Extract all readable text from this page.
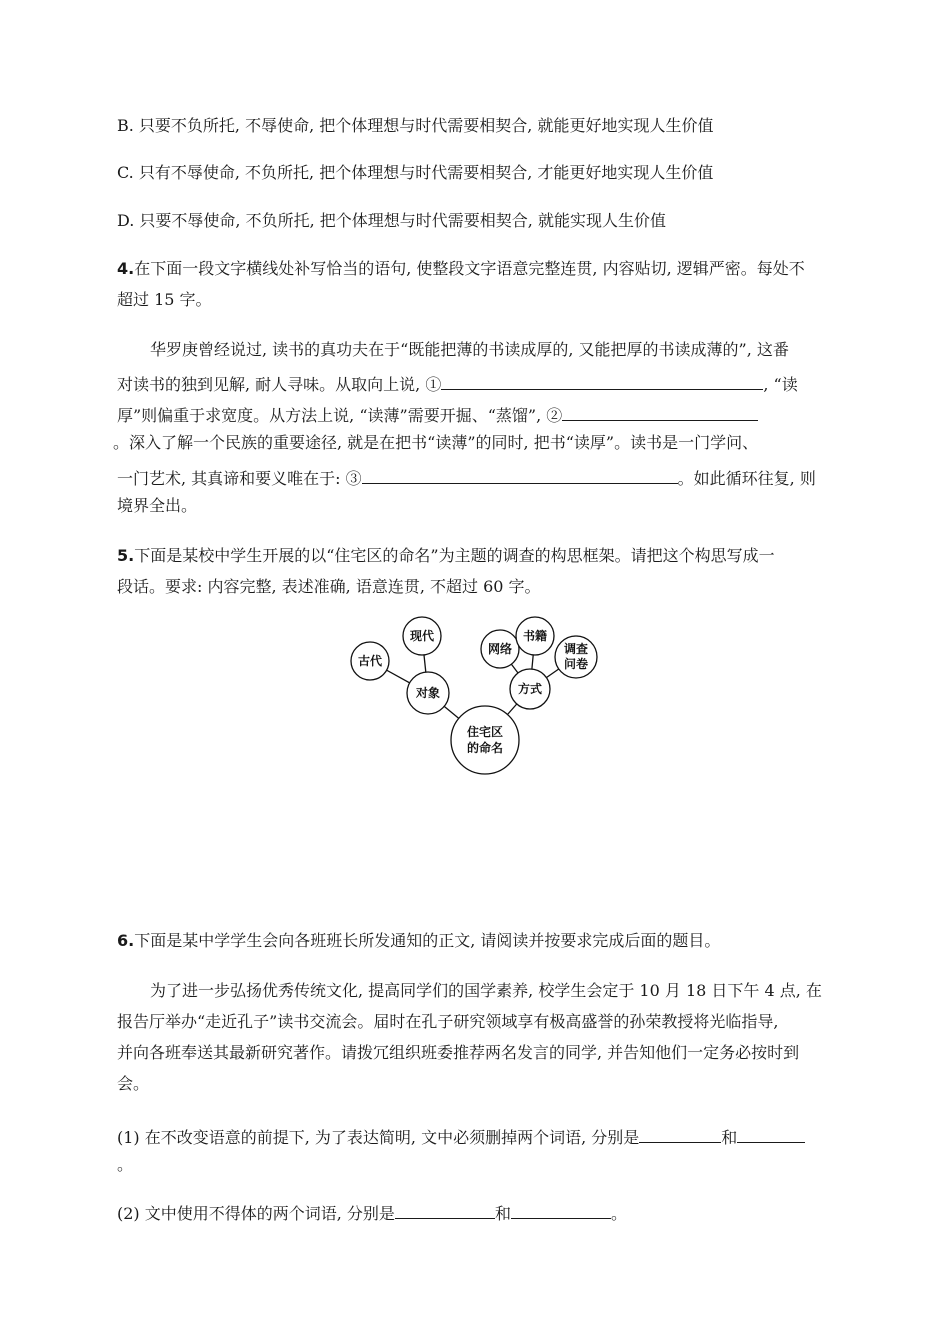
B. 只要不负所托, 不辱使命, 把个体理想与时代需要相契合, 就能更好地实现人生价值
C. 只有不辱使命, 不负所托, 把个体理想与时代需要相契合, 才能更好地实现人生价值
D. 只要不辱使命, 不负所托, 把个体理想与时代需要相契合, 就能实现人生价值
4.在下面一段文字横线处补写恰当的语句, 使整段文字语意完整连贯, 内容贴切, 逻辑严密。每处不
超过 15 字。
华罗庚曾经说过, 读书的真功夫在于“既能把薄的书读成厚的, 又能把厚的书读成薄的”, 这番
对读书的独到见解, 耐人寻味。从取向上说, ①	, “读
厚”则偏重于求宽度。从方法上说, “读薄”需要开掘、“蒸馏”, ②
。深入了解一个民族的重要途径, 就是在把书“读薄”的同时, 把书“读厚”。读书是一门学问、
一门艺术, 其真谛和要义唯在于: ③	。如此循环往复, 则
境界全出。
5.下面是某校中学生开展的以“住宅区的命名”为主题的调查的构思框架。请把这个构思写成一
段话。要求: 内容完整, 表述准确, 语意连贯, 不超过 60 字。
住宅区
的命名
对象	方式
古代
现代
网络
书籍
调查
问卷
6.下面是某中学学生会向各班班长所发通知的正文, 请阅读并按要求完成后面的题目。
为了进一步弘扬优秀传统文化, 提高同学们的国学素养, 校学生会定于 10 月 18 日下午 4 点, 在
报告厅举办“走近孔子”读书交流会。届时在孔子研究领域享有极高盛誉的孙荣教授将光临指导,
并向各班奉送其最新研究著作。请拨冗组织班委推荐两名发言的同学, 并告知他们一定务必按时到
会。
(1) 在不改变语意的前提下, 为了表达简明, 文中必须删掉两个词语, 分别是	和
。
(2) 文中使用不得体的两个词语, 分别是	和	。
